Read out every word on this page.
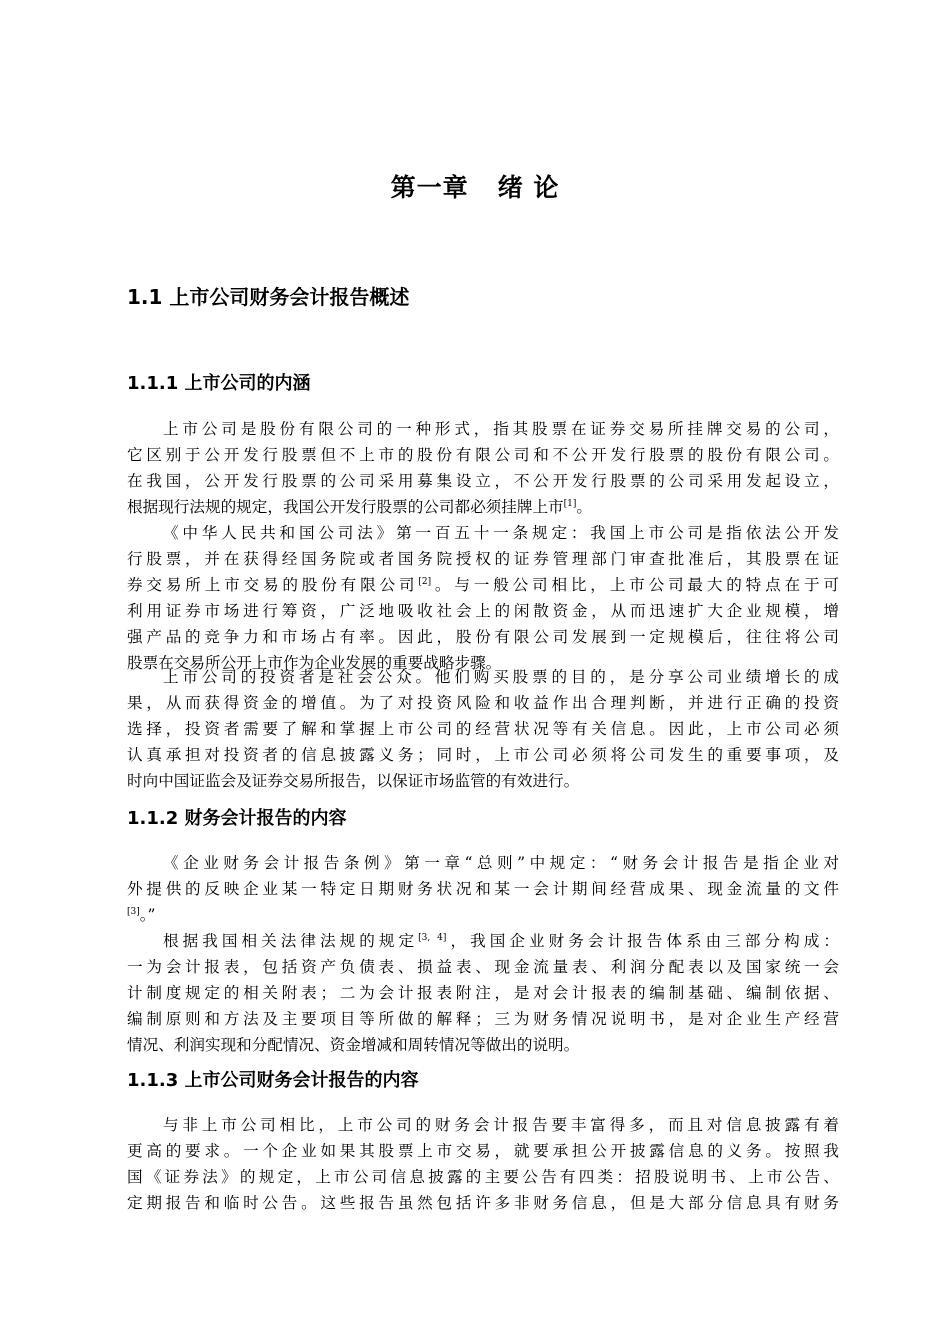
第一章   绪 论
1.1 上市公司财务会计报告概述
1.1.1 上市公司的内涵
上市公司是股份有限公司的一种形式，指其股票在证券交易所挂牌交易的公司，
它区别于公开发行股票但不上市的股份有限公司和不公开发行股票的股份有限公司。
在我国，公开发行股票的公司采用募集设立，不公开发行股票的公司采用发起设立，
根据现行法规的规定，我国公开发行股票的公司都必须挂牌上市[1]。
《中华人民共和国公司法》第一百五十一条规定：我国上市公司是指依法公开发
行股票，并在获得经国务院或者国务院授权的证券管理部门审查批准后，其股票在证
券交易所上市交易的股份有限公司[2]。与一般公司相比，上市公司最大的特点在于可
利用证券市场进行筹资，广泛地吸收社会上的闲散资金，从而迅速扩大企业规模，增
强产品的竞争力和市场占有率。因此，股份有限公司发展到一定规模后，往往将公司
股票在交易所公开上市作为企业发展的重要战略步骤。
上市公司的投资者是社会公众。他们购买股票的目的，是分享公司业绩增长的成
果，从而获得资金的增值。为了对投资风险和收益作出合理判断，并进行正确的投资
选择，投资者需要了解和掌握上市公司的经营状况等有关信息。因此，上市公司必须
认真承担对投资者的信息披露义务；同时，上市公司必须将公司发生的重要事项，及
时向中国证监会及证券交易所报告，以保证市场监管的有效进行。
1.1.2 财务会计报告的内容
《企业财务会计报告条例》第一章“总则”中规定：“财务会计报告是指企业对
外提供的反映企业某一特定日期财务状况和某一会计期间经营成果、现金流量的文件
[3]。”
根据我国相关法律法规的规定[3, 4]，我国企业财务会计报告体系由三部分构成：
一为会计报表，包括资产负债表、损益表、现金流量表、利润分配表以及国家统一会
计制度规定的相关附表；二为会计报表附注，是对会计报表的编制基础、编制依据、
编制原则和方法及主要项目等所做的解释；三为财务情况说明书，是对企业生产经营
情况、利润实现和分配情况、资金增减和周转情况等做出的说明。
1.1.3 上市公司财务会计报告的内容
与非上市公司相比，上市公司的财务会计报告要丰富得多，而且对信息披露有着
更高的要求。一个企业如果其股票上市交易，就要承担公开披露信息的义务。按照我
国《证券法》的规定，上市公司信息披露的主要公告有四类：招股说明书、上市公告、
定期报告和临时公告。这些报告虽然包括许多非财务信息，但是大部分信息具有财务
